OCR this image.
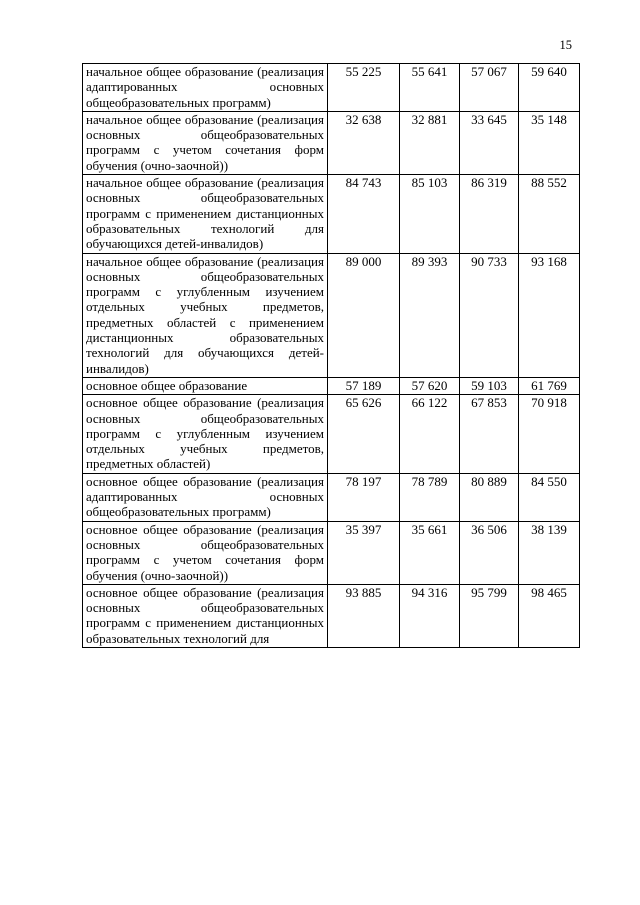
15
начальное общее образование (реализация адаптированных основных общеобразовательных программ)	55 225	55 641	57 067	59 640
начальное общее образование (реализация основных общеобразовательных программ с учетом сочетания форм обучения (очно-заочной))	32 638	32 881	33 645	35 148
начальное общее образование (реализация основных общеобразовательных программ с применением дистанционных образовательных технологий для обучающихся детей-инвалидов)	84 743	85 103	86 319	88 552
начальное общее образование (реализация основных общеобразовательных программ с углубленным изучением отдельных учебных предметов, предметных областей с применением дистанционных образовательных технологий для обучающихся детей-инвалидов)	89 000	89 393	90 733	93 168
основное общее образование	57 189	57 620	59 103	61 769
основное общее образование (реализация основных общеобразовательных программ с углубленным изучением отдельных учебных предметов, предметных областей)	65 626	66 122	67 853	70 918
основное общее образование (реализация адаптированных основных общеобразовательных программ)	78 197	78 789	80 889	84 550
основное общее образование (реализация основных общеобразовательных программ с учетом сочетания форм обучения (очно-заочной))	35 397	35 661	36 506	38 139
основное общее образование (реализация основных общеобразовательных программ с применением дистанционных образовательных технологий для	93 885	94 316	95 799	98 465
